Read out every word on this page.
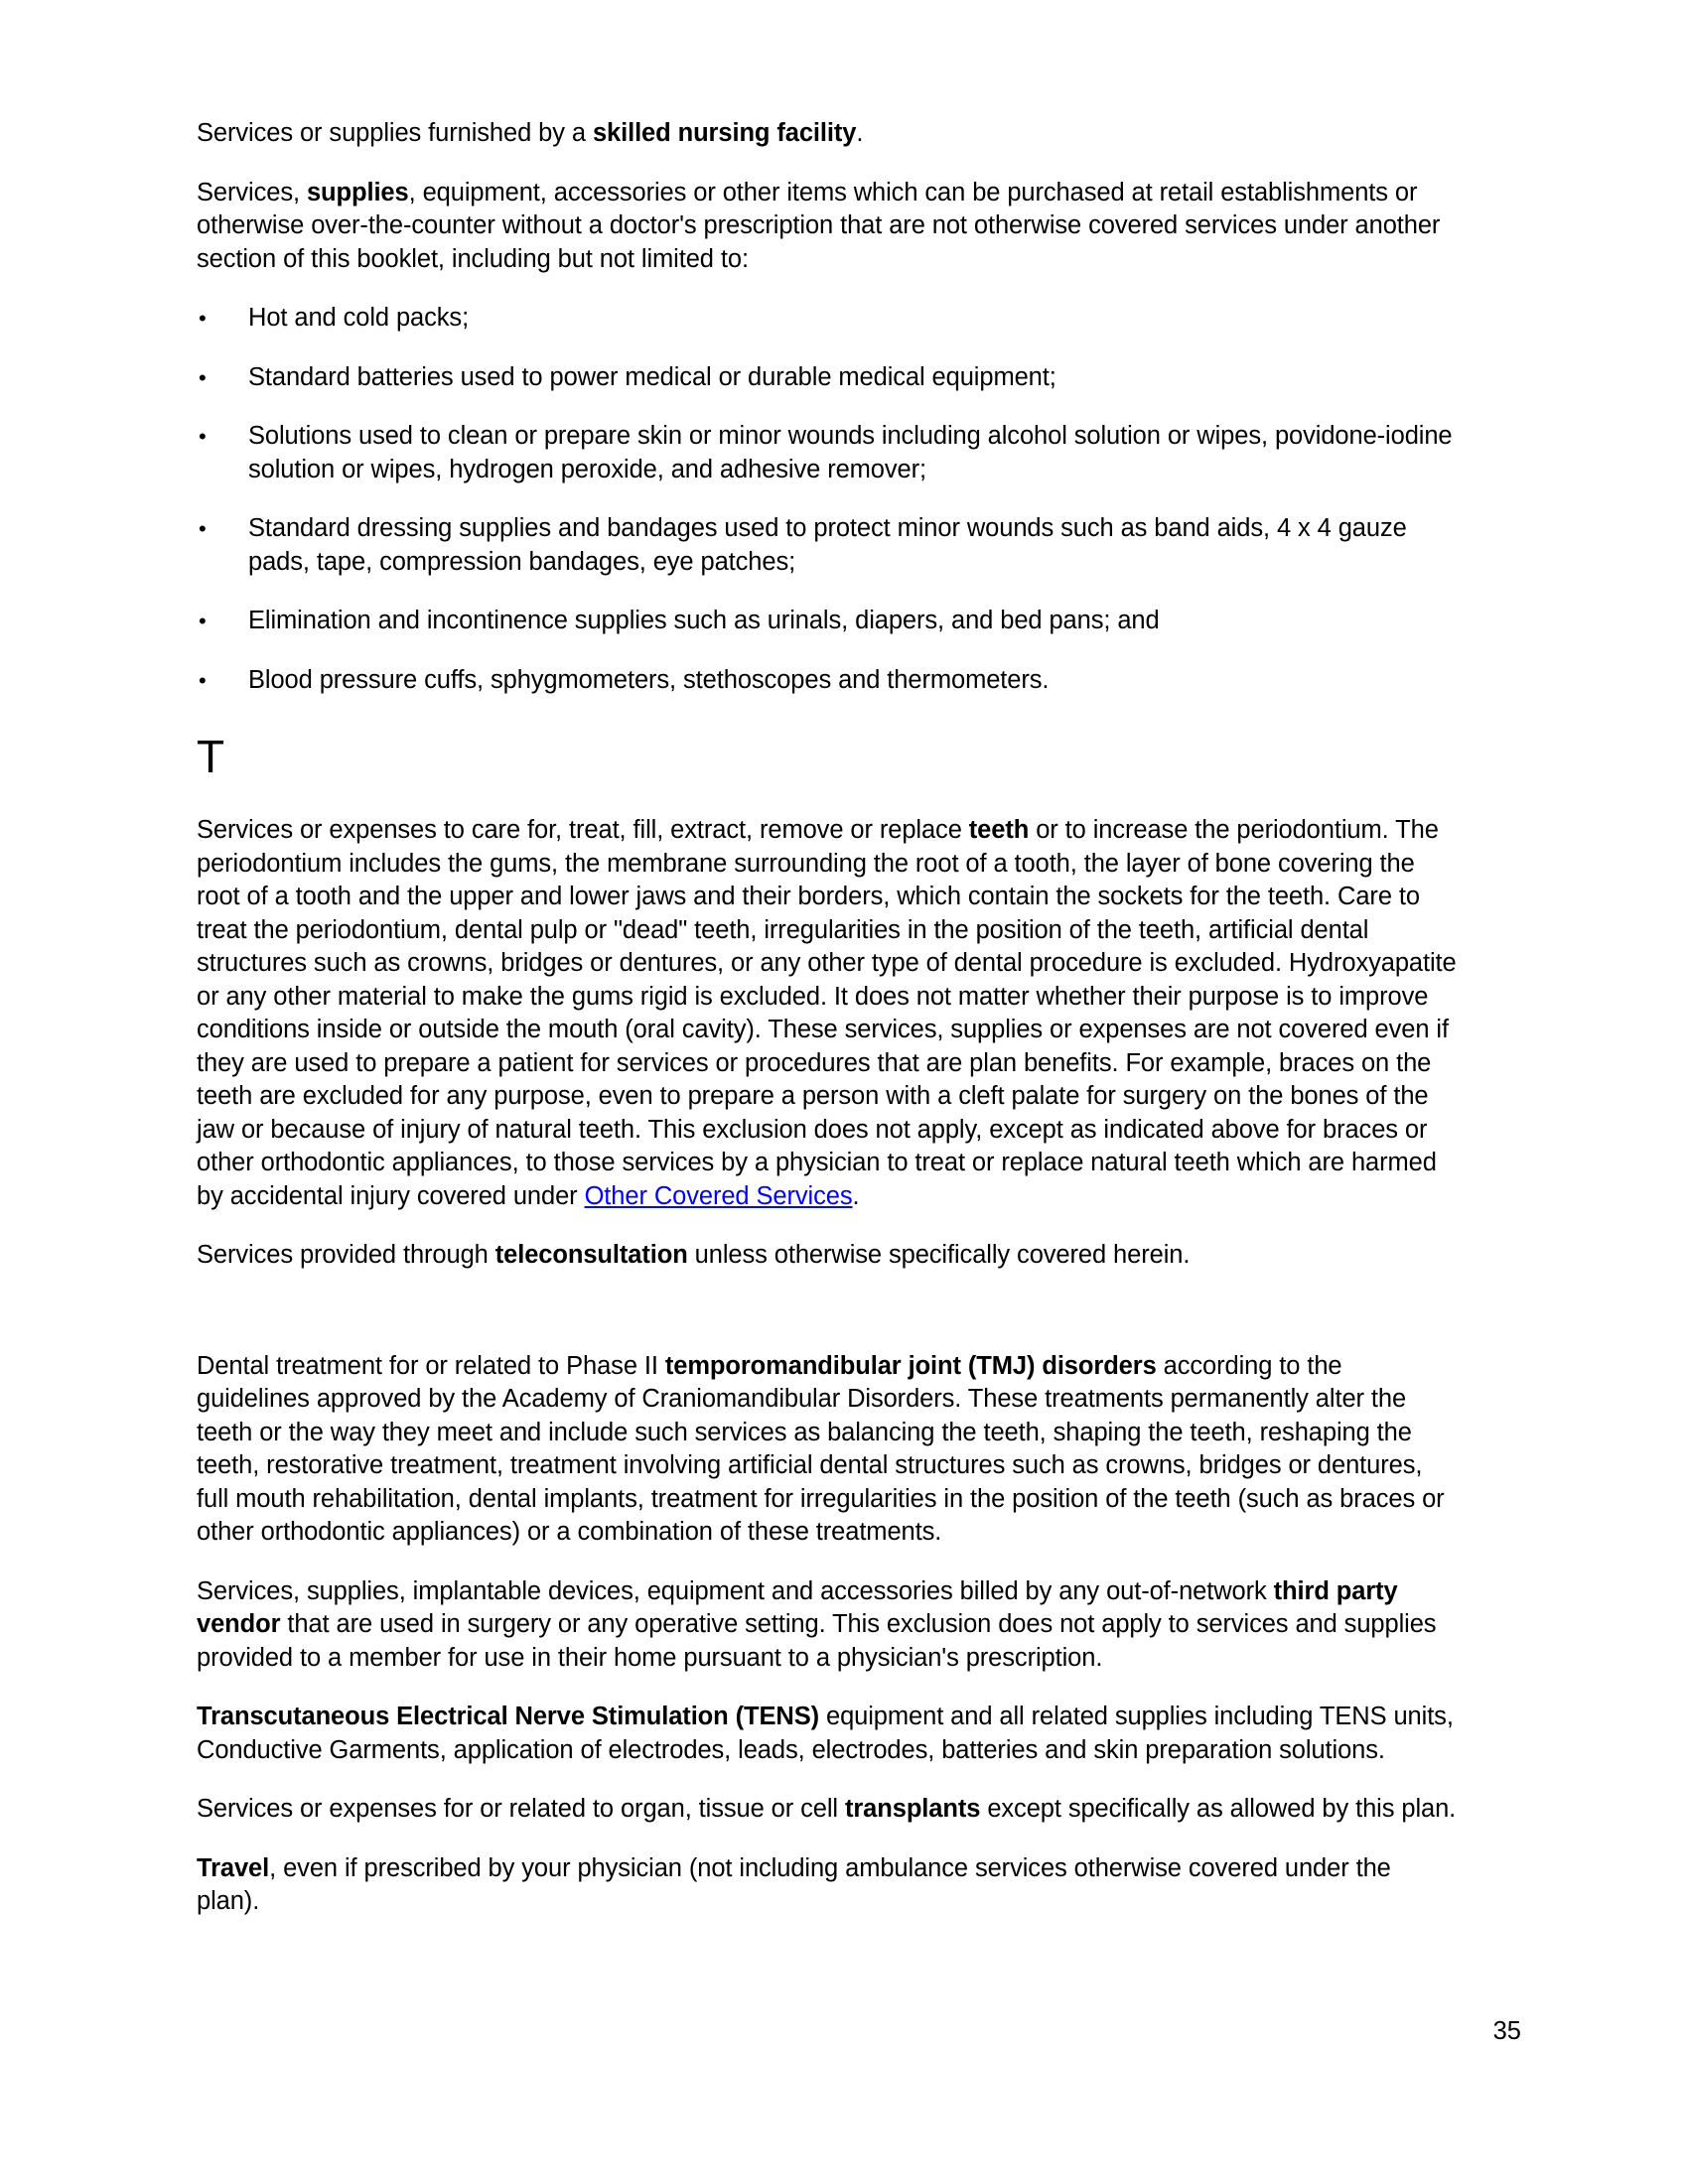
Services or supplies furnished by a skilled nursing facility.

Services, supplies, equipment, accessories or other items which can be purchased at retail establishments or otherwise over-the-counter without a doctor's prescription that are not otherwise covered services under another section of this booklet, including but not limited to:

• Hot and cold packs;
• Standard batteries used to power medical or durable medical equipment;
• Solutions used to clean or prepare skin or minor wounds including alcohol solution or wipes, povidone-iodine solution or wipes, hydrogen peroxide, and adhesive remover;
• Standard dressing supplies and bandages used to protect minor wounds such as band aids, 4 x 4 gauze pads, tape, compression bandages, eye patches;
• Elimination and incontinence supplies such as urinals, diapers, and bed pans; and
• Blood pressure cuffs, sphygmometers, stethoscopes and thermometers.
T

Services or expenses to care for, treat, fill, extract, remove or replace teeth or to increase the periodontium. The periodontium includes the gums, the membrane surrounding the root of a tooth, the layer of bone covering the root of a tooth and the upper and lower jaws and their borders, which contain the sockets for the teeth. Care to treat the periodontium, dental pulp or "dead" teeth, irregularities in the position of the teeth, artificial dental structures such as crowns, bridges or dentures, or any other type of dental procedure is excluded. Hydroxyapatite or any other material to make the gums rigid is excluded. It does not matter whether their purpose is to improve conditions inside or outside the mouth (oral cavity). These services, supplies or expenses are not covered even if they are used to prepare a patient for services or procedures that are plan benefits. For example, braces on the teeth are excluded for any purpose, even to prepare a person with a cleft palate for surgery on the bones of the jaw or because of injury of natural teeth. This exclusion does not apply, except as indicated above for braces or other orthodontic appliances, to those services by a physician to treat or replace natural teeth which are harmed by accidental injury covered under Other Covered Services.

Services provided through teleconsultation unless otherwise specifically covered herein.

Dental treatment for or related to Phase II temporomandibular joint (TMJ) disorders according to the guidelines approved by the Academy of Craniomandibular Disorders. These treatments permanently alter the teeth or the way they meet and include such services as balancing the teeth, shaping the teeth, reshaping the teeth, restorative treatment, treatment involving artificial dental structures such as crowns, bridges or dentures, full mouth rehabilitation, dental implants, treatment for irregularities in the position of the teeth (such as braces or other orthodontic appliances) or a combination of these treatments.

Services, supplies, implantable devices, equipment and accessories billed by any out-of-network third party vendor that are used in surgery or any operative setting. This exclusion does not apply to services and supplies provided to a member for use in their home pursuant to a physician's prescription.

Transcutaneous Electrical Nerve Stimulation (TENS) equipment and all related supplies including TENS units, Conductive Garments, application of electrodes, leads, electrodes, batteries and skin preparation solutions.

Services or expenses for or related to organ, tissue or cell transplants except specifically as allowed by this plan.

Travel, even if prescribed by your physician (not including ambulance services otherwise covered under the plan).

35
